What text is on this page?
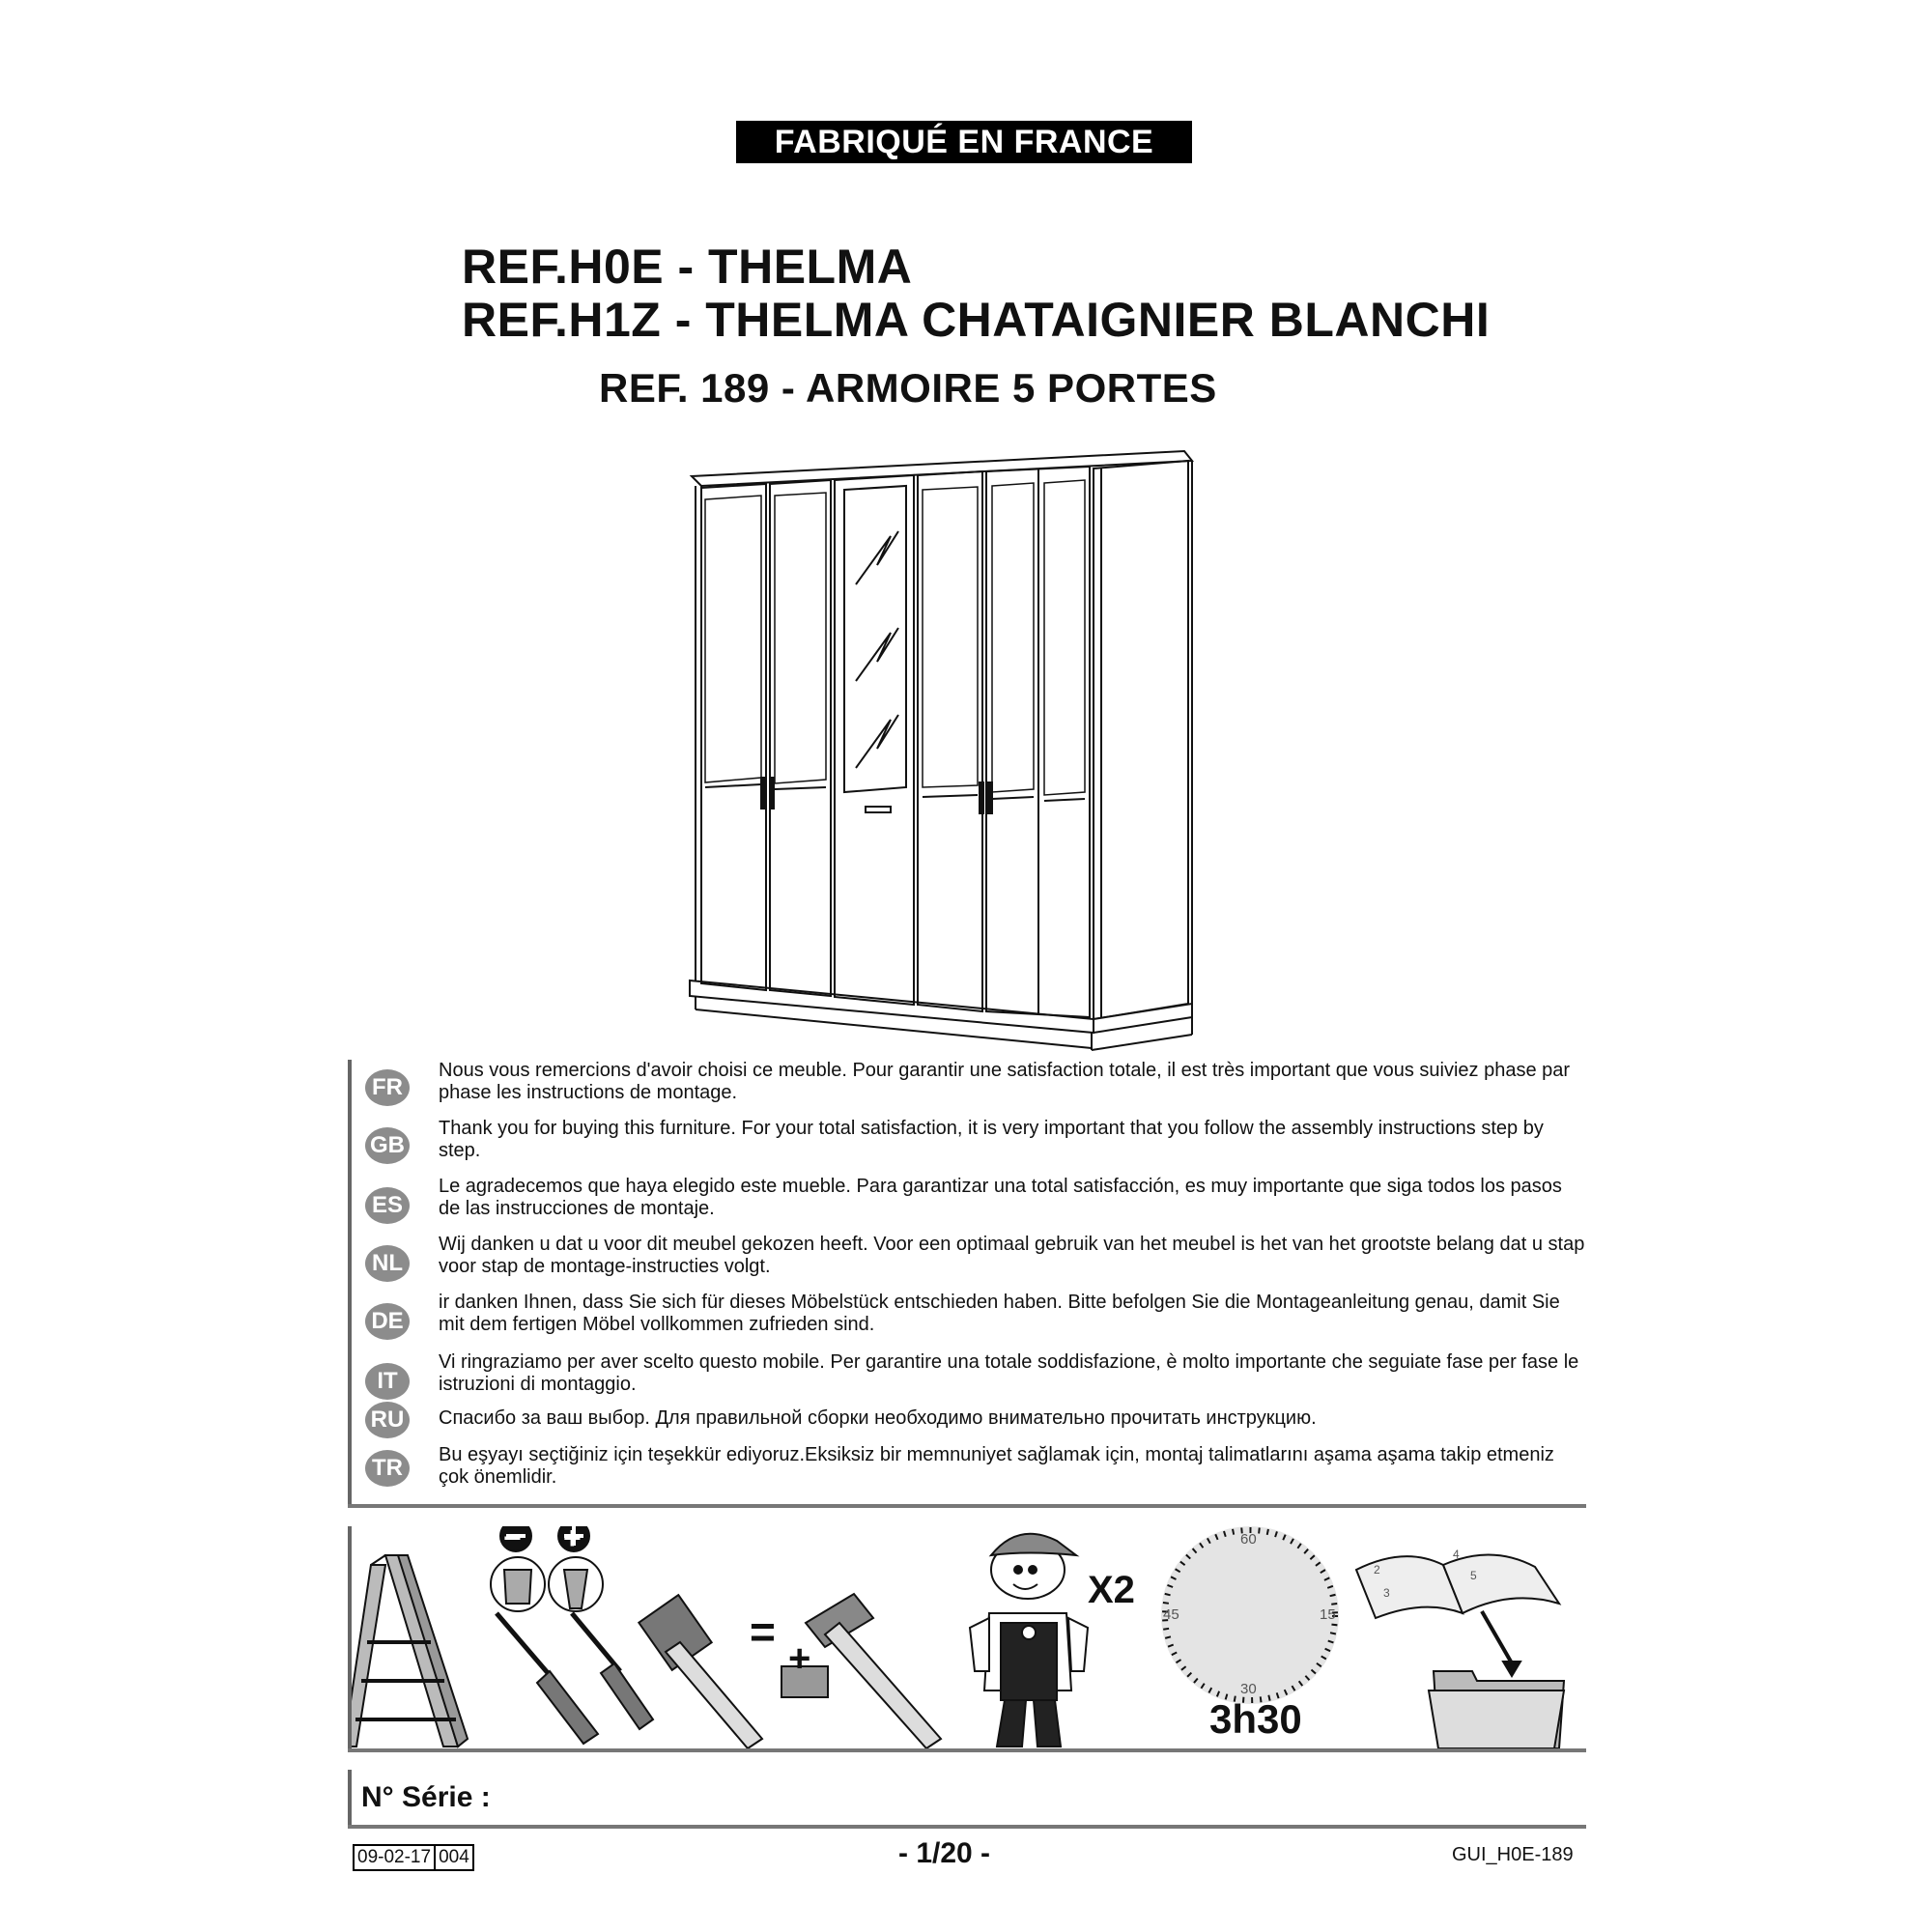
FABRIQUÉ EN FRANCE
REF.H0E - THELMA
REF.H1Z - THELMA CHATAIGNIER BLANCHI
REF. 189 - ARMOIRE 5 PORTES
FR
Nous vous remercions d'avoir choisi ce meuble. Pour garantir une satisfaction totale, il est très important que vous suiviez phase par phase les instructions de montage.
GB
Thank you for buying this furniture. For your total satisfaction, it is very important that you follow the assembly instructions step by step.
ES
Le agradecemos que haya elegido este mueble. Para garantizar una total satisfacción, es muy importante que siga todos los pasos de las instrucciones de montaje.
NL
Wij danken u dat u voor dit meubel gekozen heeft. Voor een optimaal gebruik van het meubel is het van het grootste belang dat u stap voor stap de montage-instructies volgt.
DE
ir danken Ihnen, dass Sie sich für dieses Möbelstück entschieden haben. Bitte befolgen Sie die Montageanleitung genau, damit Sie mit dem fertigen Möbel vollkommen zufrieden sind.
IT
Vi ringraziamo per aver scelto questo mobile. Per garantire una totale soddisfazione, è molto importante che seguiate fase per fase le istruzioni di montaggio.
RU Спасибо за ваш выбор. Для правильной сборки необходимо внимательно прочитать инструкцию.
TR	Bu eşyayı seçtiğiniz için teşekkür ediyoruz.Eksiksiz bir memnuniyet sağlamak için, montaj talimatlarını aşama aşama takip etmeniz çok önemlidir.
=
+
− +
X2
60
15
30
45
3h30
2
3
4
5
N° Série :
09-02-17 004	- 1/20 -	GUI_H0E-189
